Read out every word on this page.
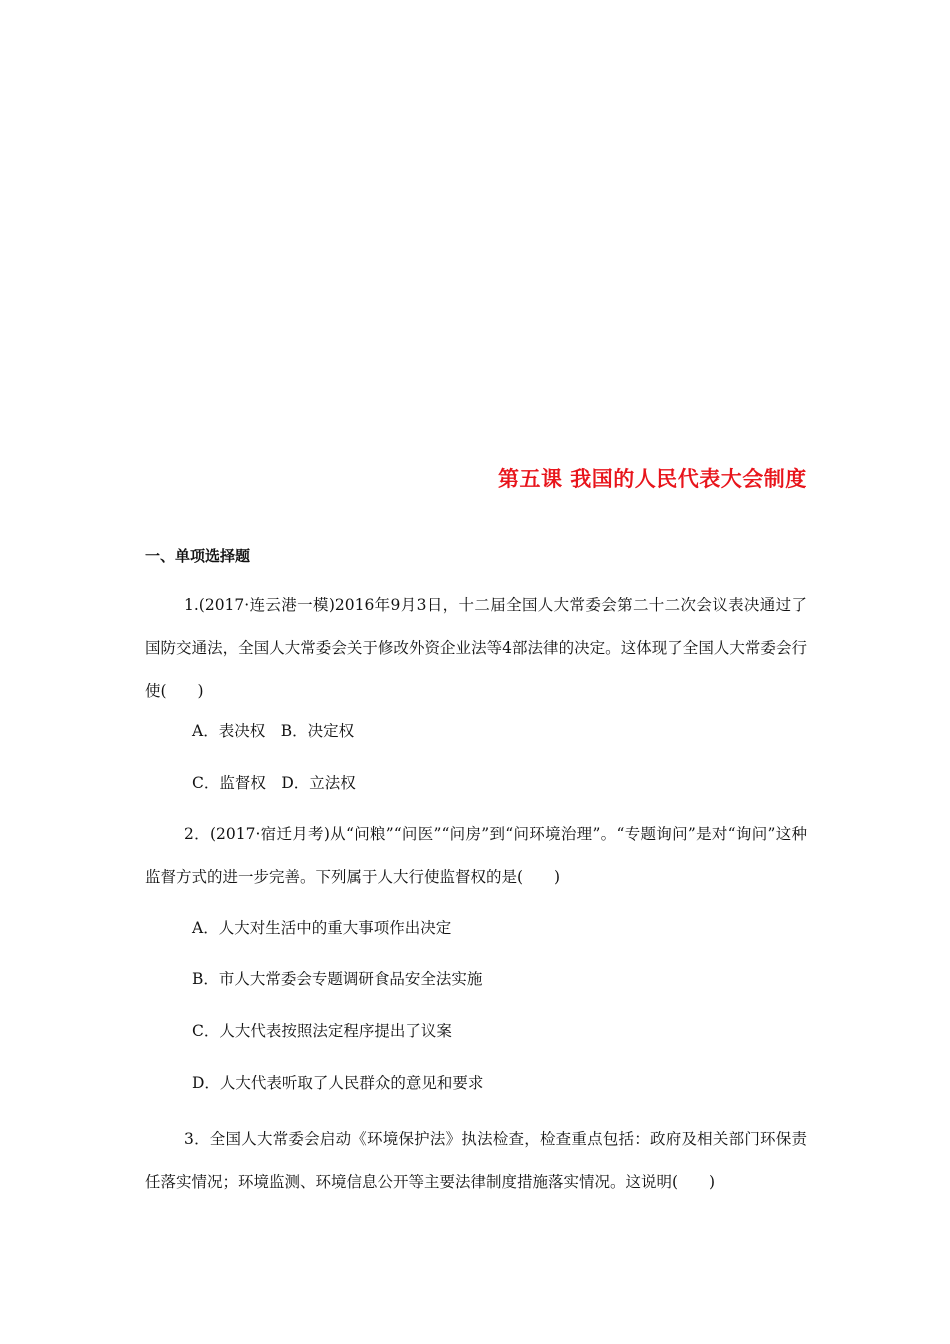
第五课 我国的人民代表大会制度
一、单项选择题
1.(2017·连云港一模)2016年9月3日，十二届全国人大常委会第二十二次会议表决通过了国防交通法，全国人大常委会关于修改外资企业法等4部法律的决定。这体现了全国人大常委会行使(　　)
A．表决权　B．决定权
C．监督权　D．立法权
2．(2017·宿迁月考)从“问粮”“问医”“问房”到“问环境治理”。“专题询问”是对“询问”这种监督方式的进一步完善。下列属于人大行使监督权的是(　　)
A．人大对生活中的重大事项作出决定
B．市人大常委会专题调研食品安全法实施
C．人大代表按照法定程序提出了议案
D．人大代表听取了人民群众的意见和要求
3．全国人大常委会启动《环境保护法》执法检查，检查重点包括：政府及相关部门环保责任落实情况；环境监测、环境信息公开等主要法律制度措施落实情况。这说明(　　)
